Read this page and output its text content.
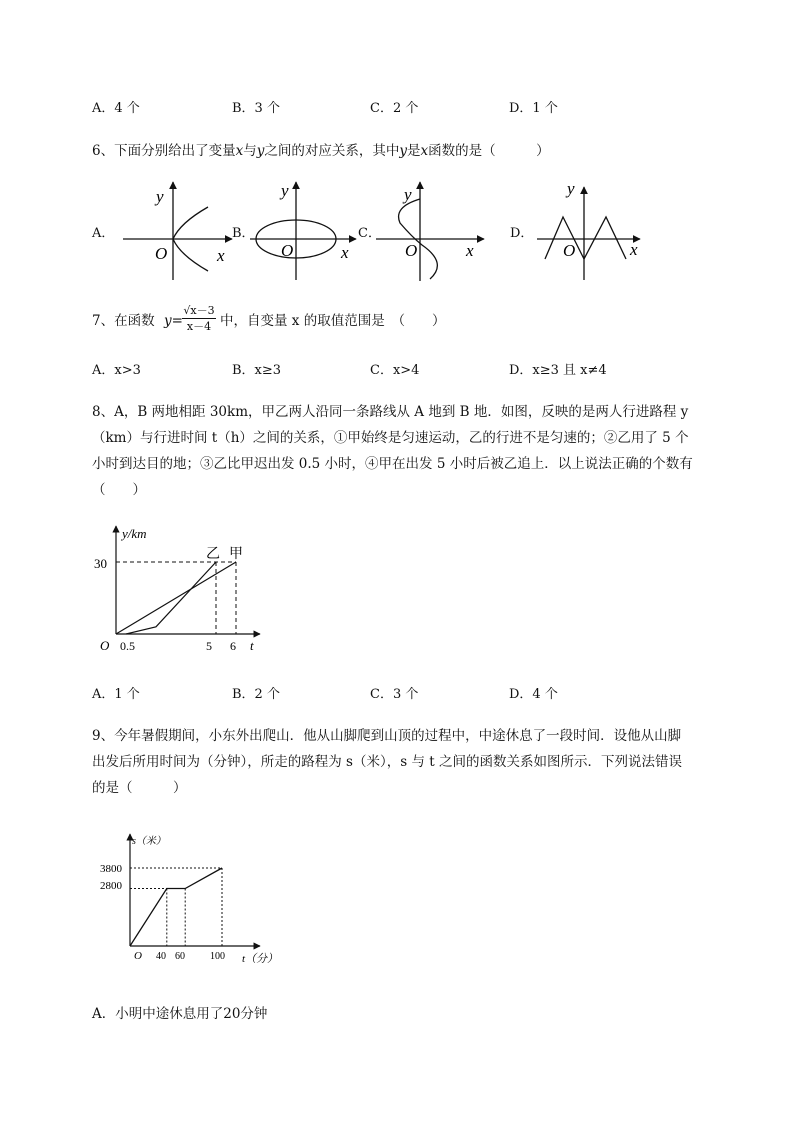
A．4 个	B．3 个	C．2 个	D．1 个
6、下面分别给出了变量x与y之间的对应关系，其中y是x函数的是（　　　）
A．	B．	C．	D．
y
O	x
y
O	x
y
O	x
y
O	x
7、在函数 y=
√x－3
x－4 中，自变量 x 的取值范围是　（　　）
A．x>3	B．x≥3	C．x>4	D．x≥3 且 x≠4
8、A，B 两地相距 30km，甲乙两人沿同一条路线从 A 地到 B 地．如图，反映的是两人行进路程 y
（km）与行进时间 t（h）之间的关系，①甲始终是匀速运动，乙的行进不是匀速的；②乙用了 5 个
小时到达目的地；③乙比甲迟出发 0.5 小时，④甲在出发 5 小时后被乙追上．以上说法正确的个数有
（　　）
y/km
30
O 0.5	5 6 t
乙 甲
A．1 个	B．2 个	C．3 个	D．4 个
9、今年暑假期间，小东外出爬山．他从山脚爬到山顶的过程中，中途休息了一段时间．设他从山脚
出发后所用时间为（分钟），所走的路程为 s（米），s 与 t 之间的函数关系如图所示．下列说法错误
的是（　　　）
s（米）
3800
2800
O 40 60	100 t（分）
A．小明中途休息用了20分钟
